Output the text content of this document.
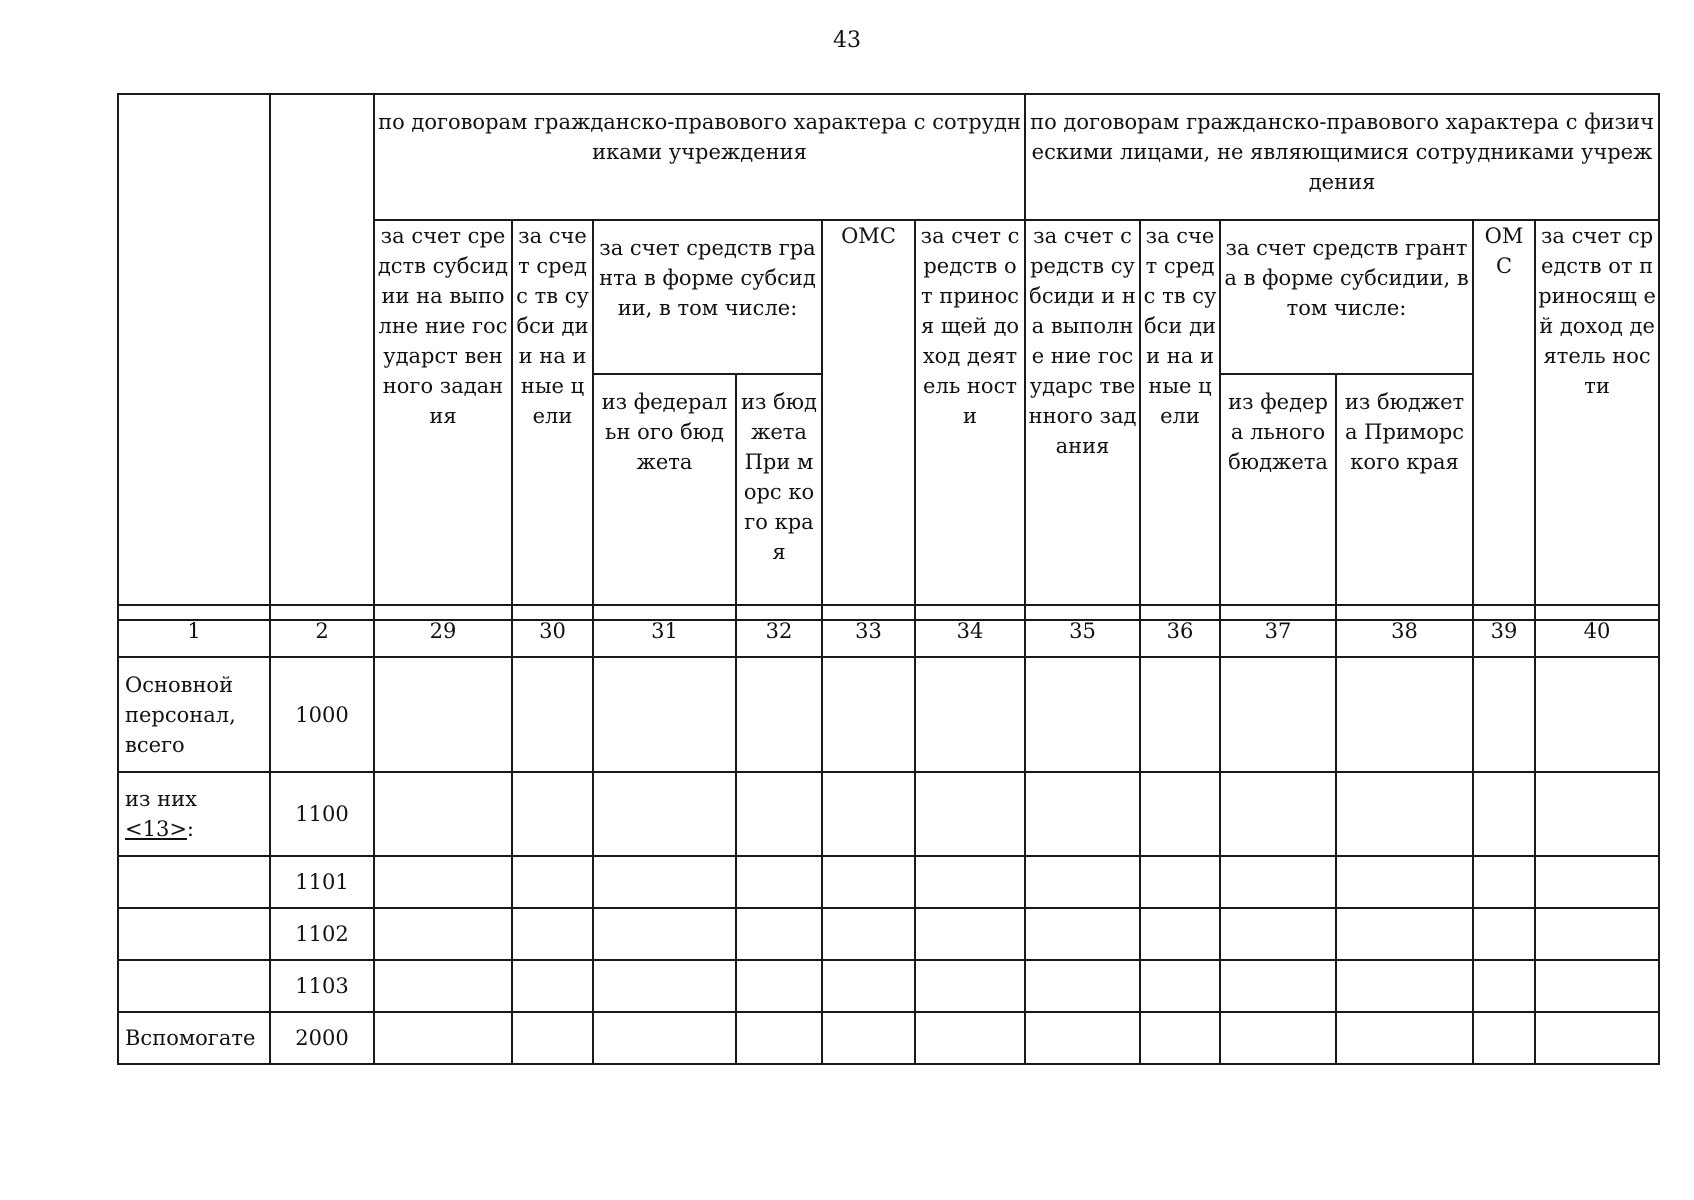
43
		по договорам гражданско-правового характера с сотрудниками учреждения						по договорам гражданско-правового характера с физическими лицами, не являющимися сотрудниками учреждения					
		за счет средств субсидии на выполне ние государст венного задания	за счет средс тв субси дии на иные цели	за счет средств гранта в форме субсидии, в том числе:		ОМС	за счет средств от принося щей доход деятель ности	за счет средств субсиди и на выполне ние государс твенного задания	за счет средс тв субси дии на иные цели	за счет средств гранта в форме субсидии, в том числе:		ОМ С	за счет средств от приносящ ей доход деятель ности
				из федеральн ого бюджета	из бюд жета При морс кого края					из федера льного бюджета	из бюджета Приморс кого края		
1	2	29	30	31	32	33	34	35	36	37	38	39	40
Основной персонал, всего	1000												
из них <13>:	1100												
	1101												
	1102												
	1103												
Вспомогате	2000												
